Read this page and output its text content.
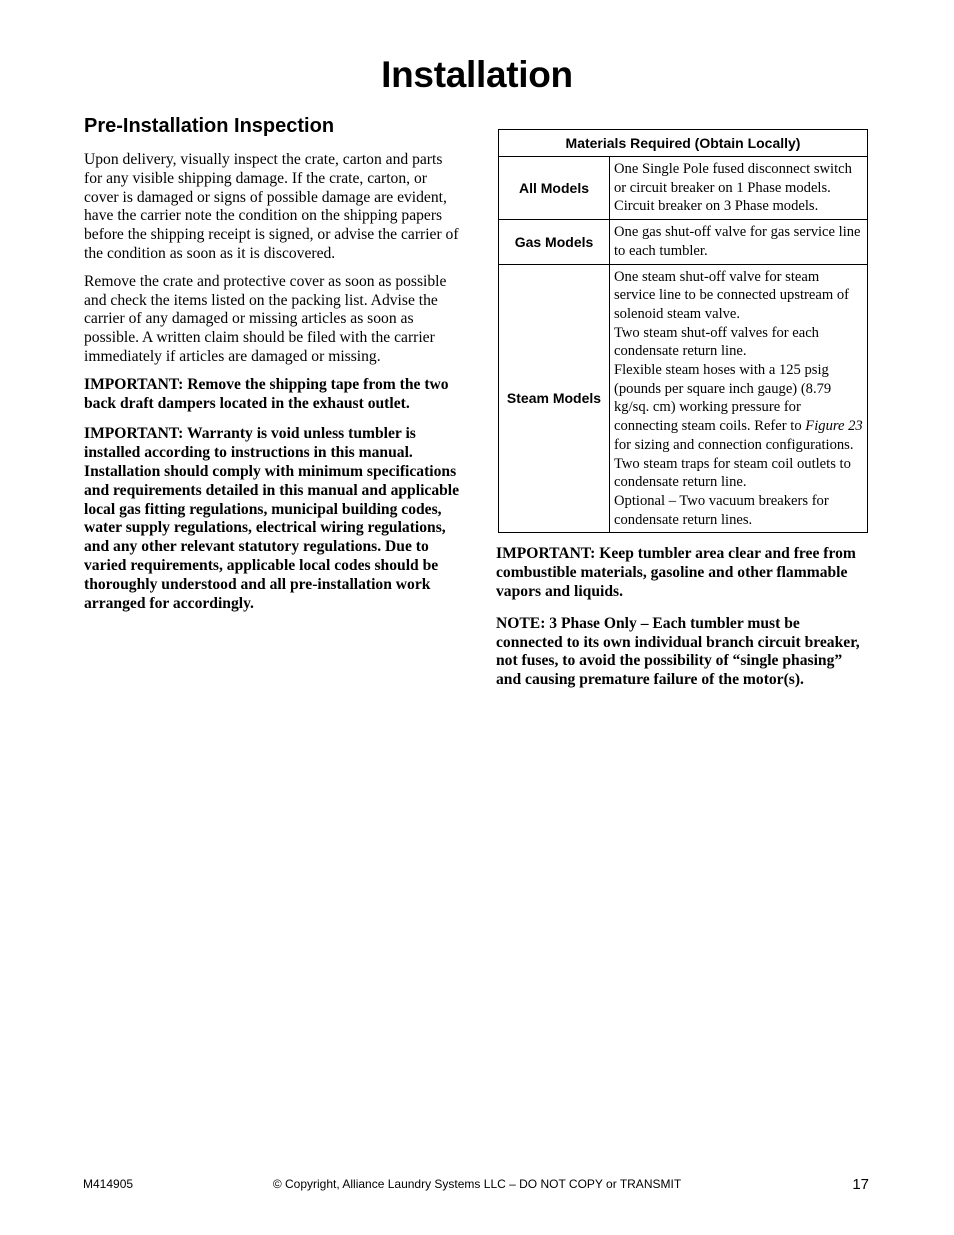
Installation
Pre-Installation Inspection

Upon delivery, visually inspect the crate, carton and parts for any visible shipping damage. If the crate, carton, or cover is damaged or signs of possible damage are evident, have the carrier note the condition on the shipping papers before the shipping receipt is signed, or advise the carrier of the condition as soon as it is discovered.

Remove the crate and protective cover as soon as possible and check the items listed on the packing list. Advise the carrier of any damaged or missing articles as soon as possible. A written claim should be filed with the carrier immediately if articles are damaged or missing.

IMPORTANT: Remove the shipping tape from the two back draft dampers located in the exhaust outlet.

IMPORTANT: Warranty is void unless tumbler is installed according to instructions in this manual. Installation should comply with minimum specifications and requirements detailed in this manual and applicable local gas fitting regulations, municipal building codes, water supply regulations, electrical wiring regulations, and any other relevant statutory regulations. Due to varied requirements, applicable local codes should be thoroughly understood and all pre-installation work arranged for accordingly.

Materials Required (Obtain Locally)	
All Models	One Single Pole fused disconnect switch or circuit breaker on 1 Phase models.
Circuit breaker on 3 Phase models.

Gas Models	One gas shut-off valve for gas service line to each tumbler.

Steam Models	One steam shut-off valve for steam service line to be connected upstream of solenoid steam valve.
Two steam shut-off valves for each condensate return line.
Flexible steam hoses with a 125 psig (pounds per square inch gauge) (8.79 kg/sq. cm) working pressure for connecting steam coils. Refer to Figure 23 for sizing and connection configurations.
Two steam traps for steam coil outlets to condensate return line.
Optional – Two vacuum breakers for condensate return lines.

IMPORTANT: Keep tumbler area clear and free from combustible materials, gasoline and other flammable vapors and liquids.

NOTE: 3 Phase Only – Each tumbler must be connected to its own individual branch circuit breaker, not fuses, to avoid the possibility of “single phasing” and causing premature failure of the motor(s).

M414905	© Copyright, Alliance Laundry Systems LLC – DO NOT COPY or TRANSMIT	17
